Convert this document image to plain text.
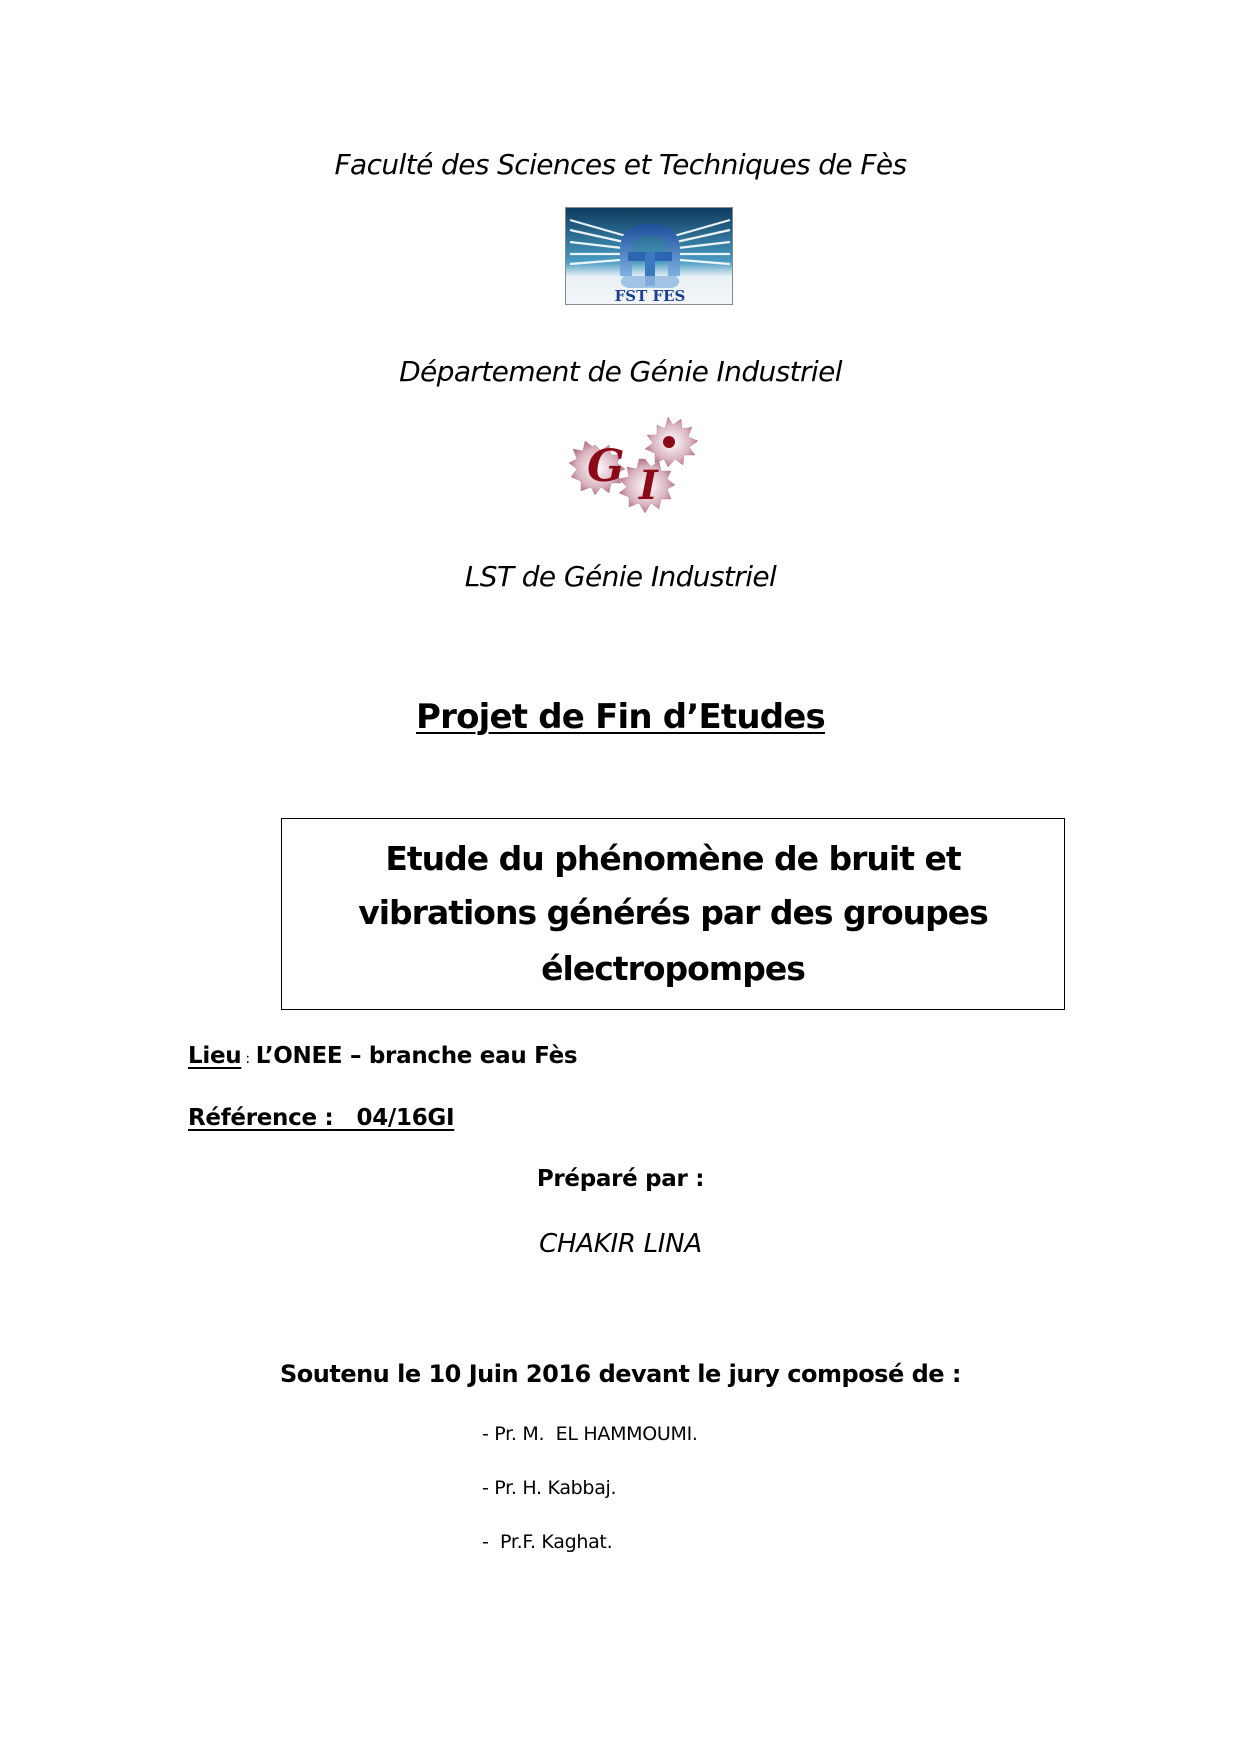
Faculté des Sciences et Techniques de Fès
FST FES
Département de Génie Industriel
G I
LST de Génie Industriel
Projet de Fin d’Etudes
Etude du phénomène de bruit et
vibrations générés par des groupes
électropompes
Lieu : L’ONEE – branche eau Fès
Référence : 04/16GI
Préparé par :
CHAKIR LINA
Soutenu le 10 Juin 2016 devant le jury composé de :
- Pr. M.  EL HAMMOUMI.
- Pr. H. Kabbaj.
-  Pr.F. Kaghat.
